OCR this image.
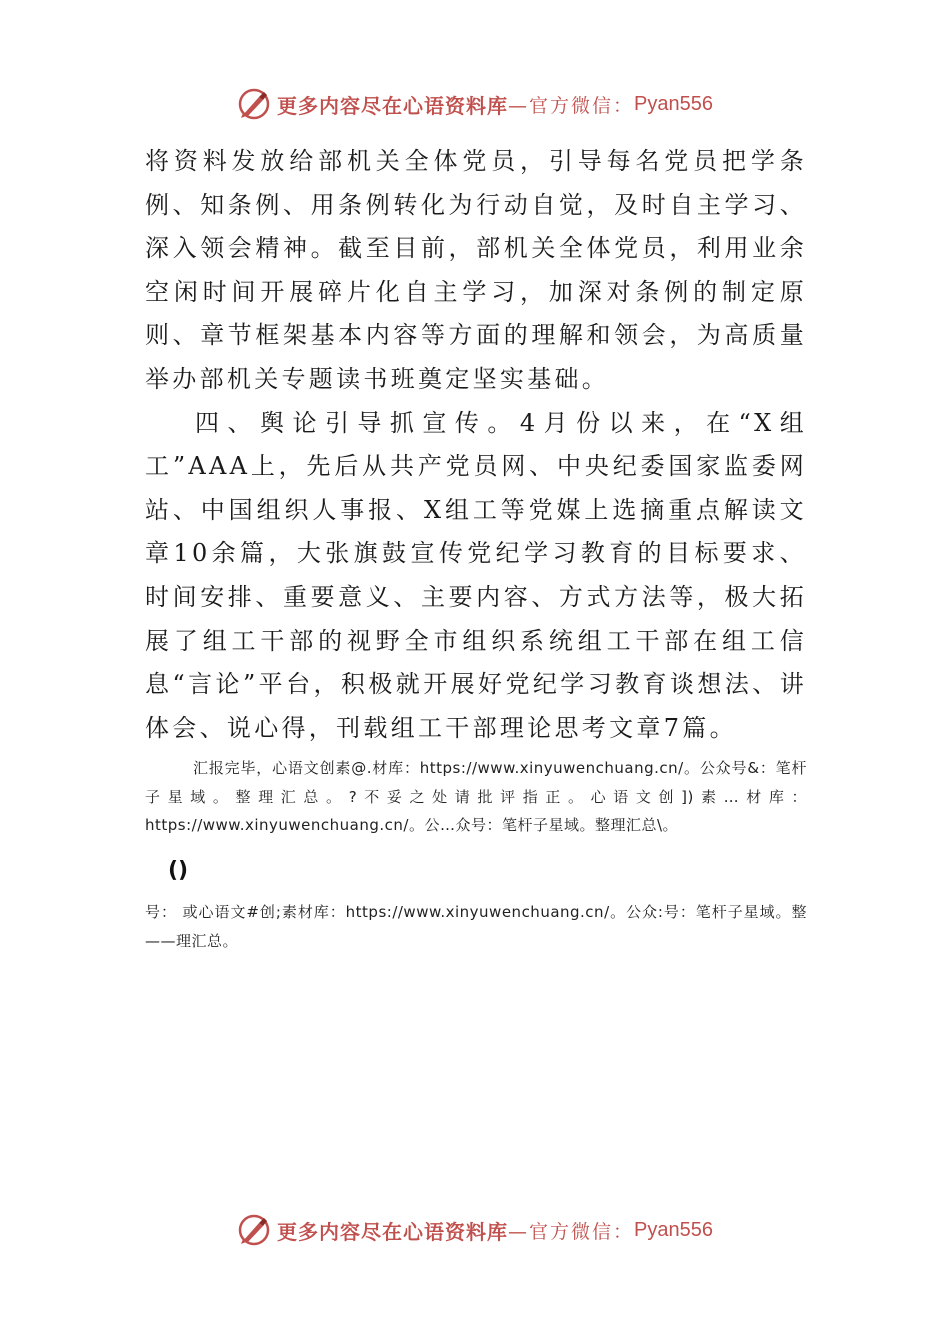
更多内容尽在心语资料库 —官方微信： Pyan556

将资料发放给部机关全体党员，引导每名党员把学条例、知条例、用条例转化为行动自觉，及时自主学习、深入领会精神。截至目前，部机关全体党员，利用业余空闲时间开展碎片化自主学习，加深对条例的制定原则、章节框架基本内容等方面的理解和领会，为高质量举办部机关专题读书班奠定坚实基础。

四、舆论引导抓宣传。4月份以来，在“X组工”AAA上，先后从共产党员网、中央纪委国家监委网站、中国组织人事报、X组工等党媒上选摘重点解读文章10余篇，大张旗鼓宣传党纪学习教育的目标要求、时间安排、重要意义、主要内容、方式方法等，极大拓展了组工干部的视野全市组织系统组工干部在组工信息“言论”平台，积极就开展好党纪学习教育谈想法、讲体会、说心得，刊载组工干部理论思考文章7篇。

汇报完毕，心语文创素@.材库：https://www.xinyuwenchuang.cn/。公众号&：笔杆子星域。整理汇总。?不妥之处请批评指正。心语文创])素…材库：https://www.xinyuwenchuang.cn/。公…众号：笔杆子星域。整理汇总\。

()

号： 或心语文#创;素材库：https://www.xinyuwenchuang.cn/。公众:号：笔杆子星域。整——理汇总。

更多内容尽在心语资料库 —官方微信： Pyan556
